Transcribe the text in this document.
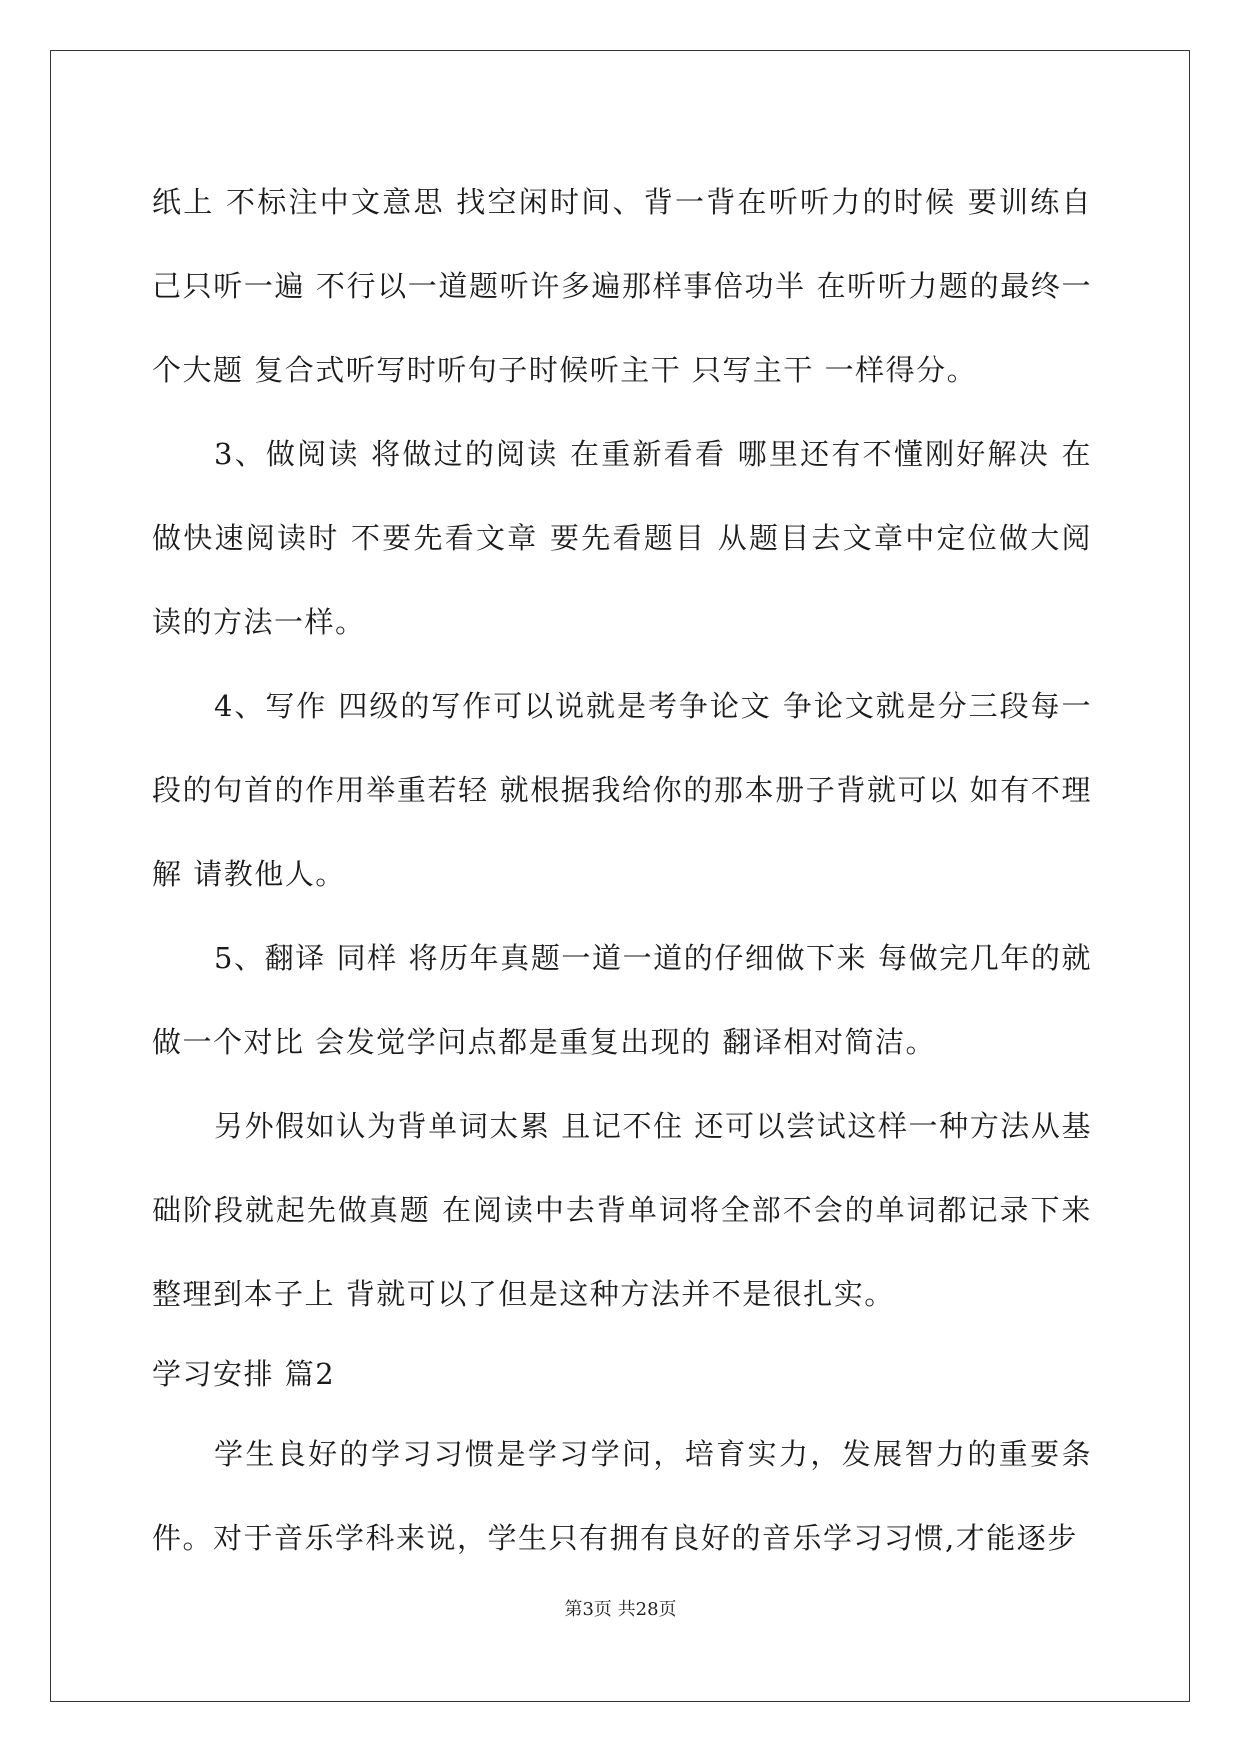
纸上 不标注中文意思 找空闲时间、背一背在听听力的时候 要训练自己只听一遍 不行以一道题听许多遍那样事倍功半 在听听力题的最终一个大题 复合式听写时听句子时候听主干 只写主干 一样得分。

3、做阅读 将做过的阅读 在重新看看 哪里还有不懂刚好解决 在做快速阅读时 不要先看文章 要先看题目 从题目去文章中定位做大阅读的方法一样。

4、写作 四级的写作可以说就是考争论文 争论文就是分三段每一段的句首的作用举重若轻 就根据我给你的那本册子背就可以 如有不理解 请教他人。

5、翻译 同样 将历年真题一道一道的仔细做下来 每做完几年的就做一个对比 会发觉学问点都是重复出现的 翻译相对简洁。

另外假如认为背单词太累 且记不住 还可以尝试这样一种方法从基础阶段就起先做真题 在阅读中去背单词将全部不会的单词都记录下来 整理到本子上 背就可以了但是这种方法并不是很扎实。

学习安排 篇2

学生良好的学习习惯是学习学问，培育实力，发展智力的重要条件。对于音乐学科来说，学生只有拥有良好的音乐学习习惯,才能逐步

第3页 共28页
